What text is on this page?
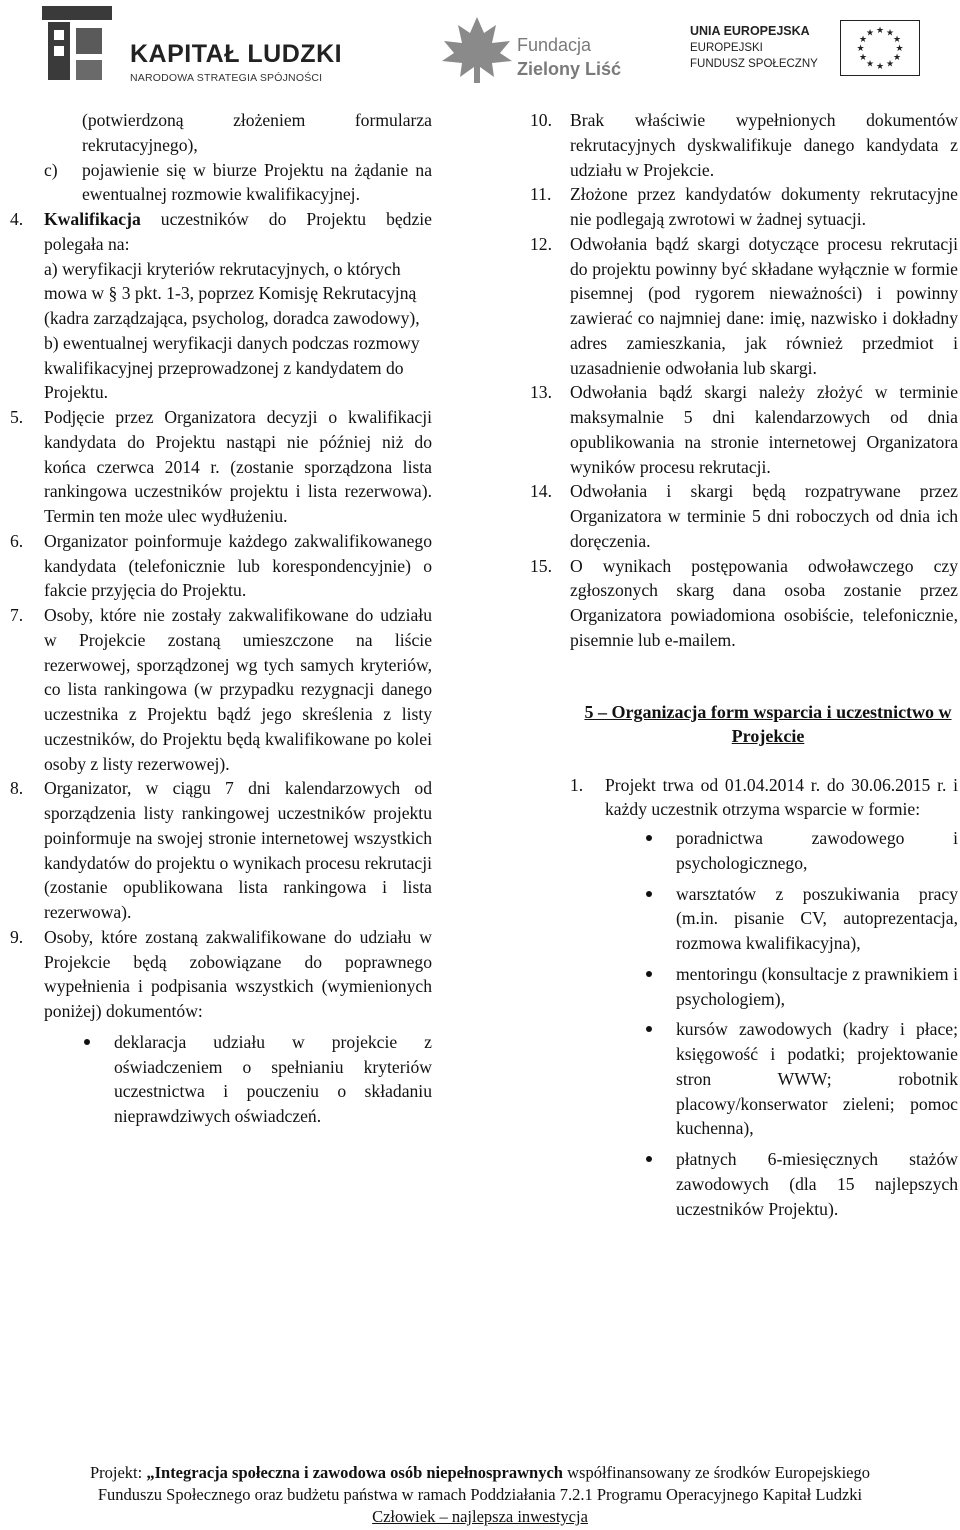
KAPITAŁ LUDZKI
NARODOWA STRATEGIA SPÓJNOŚCI
Fundacja
Zielony Liść
UNIA EUROPEJSKA
EUROPEJSKI
FUNDUSZ SPOŁECZNY
★ ★
★
★
★
★
★
★
★
★
★
★
(potwierdzoną złożeniem formularza rekrutacyjnego),
c) pojawienie się w biurze Projektu na żądanie na ewentualnej rozmowie kwalifikacyjnej.
4. Kwalifikacja uczestników do Projektu będzie polegała na:
a) weryfikacji kryteriów rekrutacyjnych, o których mowa w § 3 pkt. 1-3, poprzez Komisję Rekrutacyjną (kadra zarządzająca, psycholog, doradca zawodowy),
b) ewentualnej weryfikacji danych podczas rozmowy kwalifikacyjnej przeprowadzonej z kandydatem do Projektu.
5. Podjęcie przez Organizatora decyzji o kwalifikacji kandydata do Projektu nastąpi nie później niż do końca czerwca 2014 r. (zostanie sporządzona lista rankingowa uczestników projektu i lista rezerwowa). Termin ten może ulec wydłużeniu.
6. Organizator poinformuje każdego zakwalifikowanego kandydata (telefonicznie lub korespondencyjnie) o fakcie przyjęcia do Projektu.
7. Osoby, które nie zostały zakwalifikowane do udziału w Projekcie zostaną umieszczone na liście rezerwowej, sporządzonej wg tych samych kryteriów, co lista rankingowa (w przypadku rezygnacji danego uczestnika z Projektu bądź jego skreślenia z listy uczestników, do Projektu będą kwalifikowane po kolei osoby z listy rezerwowej).
8. Organizator, w ciągu 7 dni kalendarzowych od sporządzenia listy rankingowej uczestników projektu poinformuje na swojej stronie internetowej wszystkich kandydatów do projektu o wynikach procesu rekrutacji (zostanie opublikowana lista rankingowa i lista rezerwowa).
9. Osoby, które zostaną zakwalifikowane do udziału w Projekcie będą zobowiązane do poprawnego wypełnienia i podpisania wszystkich (wymienionych poniżej) dokumentów:
deklaracja udziału w projekcie z oświadczeniem o spełnianiu kryteriów uczestnictwa i pouczeniu o składaniu nieprawdziwych oświadczeń.
10. Brak właściwie wypełnionych dokumentów rekrutacyjnych dyskwalifikuje danego kandydata z udziału w Projekcie.
11. Złożone przez kandydatów dokumenty rekrutacyjne nie podlegają zwrotowi w żadnej sytuacji.
12. Odwołania bądź skargi dotyczące procesu rekrutacji do projektu powinny być składane wyłącznie w formie pisemnej (pod rygorem nieważności) i powinny zawierać co najmniej dane: imię, nazwisko i dokładny adres zamieszkania, jak również przedmiot i uzasadnienie odwołania lub skargi.
13. Odwołania bądź skargi należy złożyć w terminie maksymalnie 5 dni kalendarzowych od dnia opublikowania na stronie internetowej Organizatora wyników procesu rekrutacji.
14. Odwołania i skargi będą rozpatrywane przez Organizatora w terminie 5 dni roboczych od dnia ich doręczenia.
15. O wynikach postępowania odwoławczego czy zgłoszonych skarg dana osoba zostanie przez Organizatora powiadomiona osobiście, telefonicznie, pisemnie lub e-mailem.
5 – Organizacja form wsparcia i uczestnictwo w Projekcie
1. Projekt trwa od 01.04.2014 r. do 30.06.2015 r. i każdy uczestnik otrzyma wsparcie w formie:
poradnictwa zawodowego i psychologicznego,
warsztatów z poszukiwania pracy (m.in. pisanie CV, autoprezentacja, rozmowa kwalifikacyjna),
mentoringu (konsultacje z prawnikiem i psychologiem),
kursów zawodowych (kadry i płace; księgowość i podatki; projektowanie stron WWW; robotnik placowy/konserwator zieleni; pomoc kuchenna),
płatnych 6-miesięcznych stażów zawodowych (dla 15 najlepszych uczestników Projektu).
Projekt: „Integracja społeczna i zawodowa osób niepełnosprawnych współfinansowany ze środków Europejskiego
Funduszu Społecznego oraz budżetu państwa w ramach Poddziałania 7.2.1 Programu Operacyjnego Kapitał Ludzki
Człowiek – najlepsza inwestycja
